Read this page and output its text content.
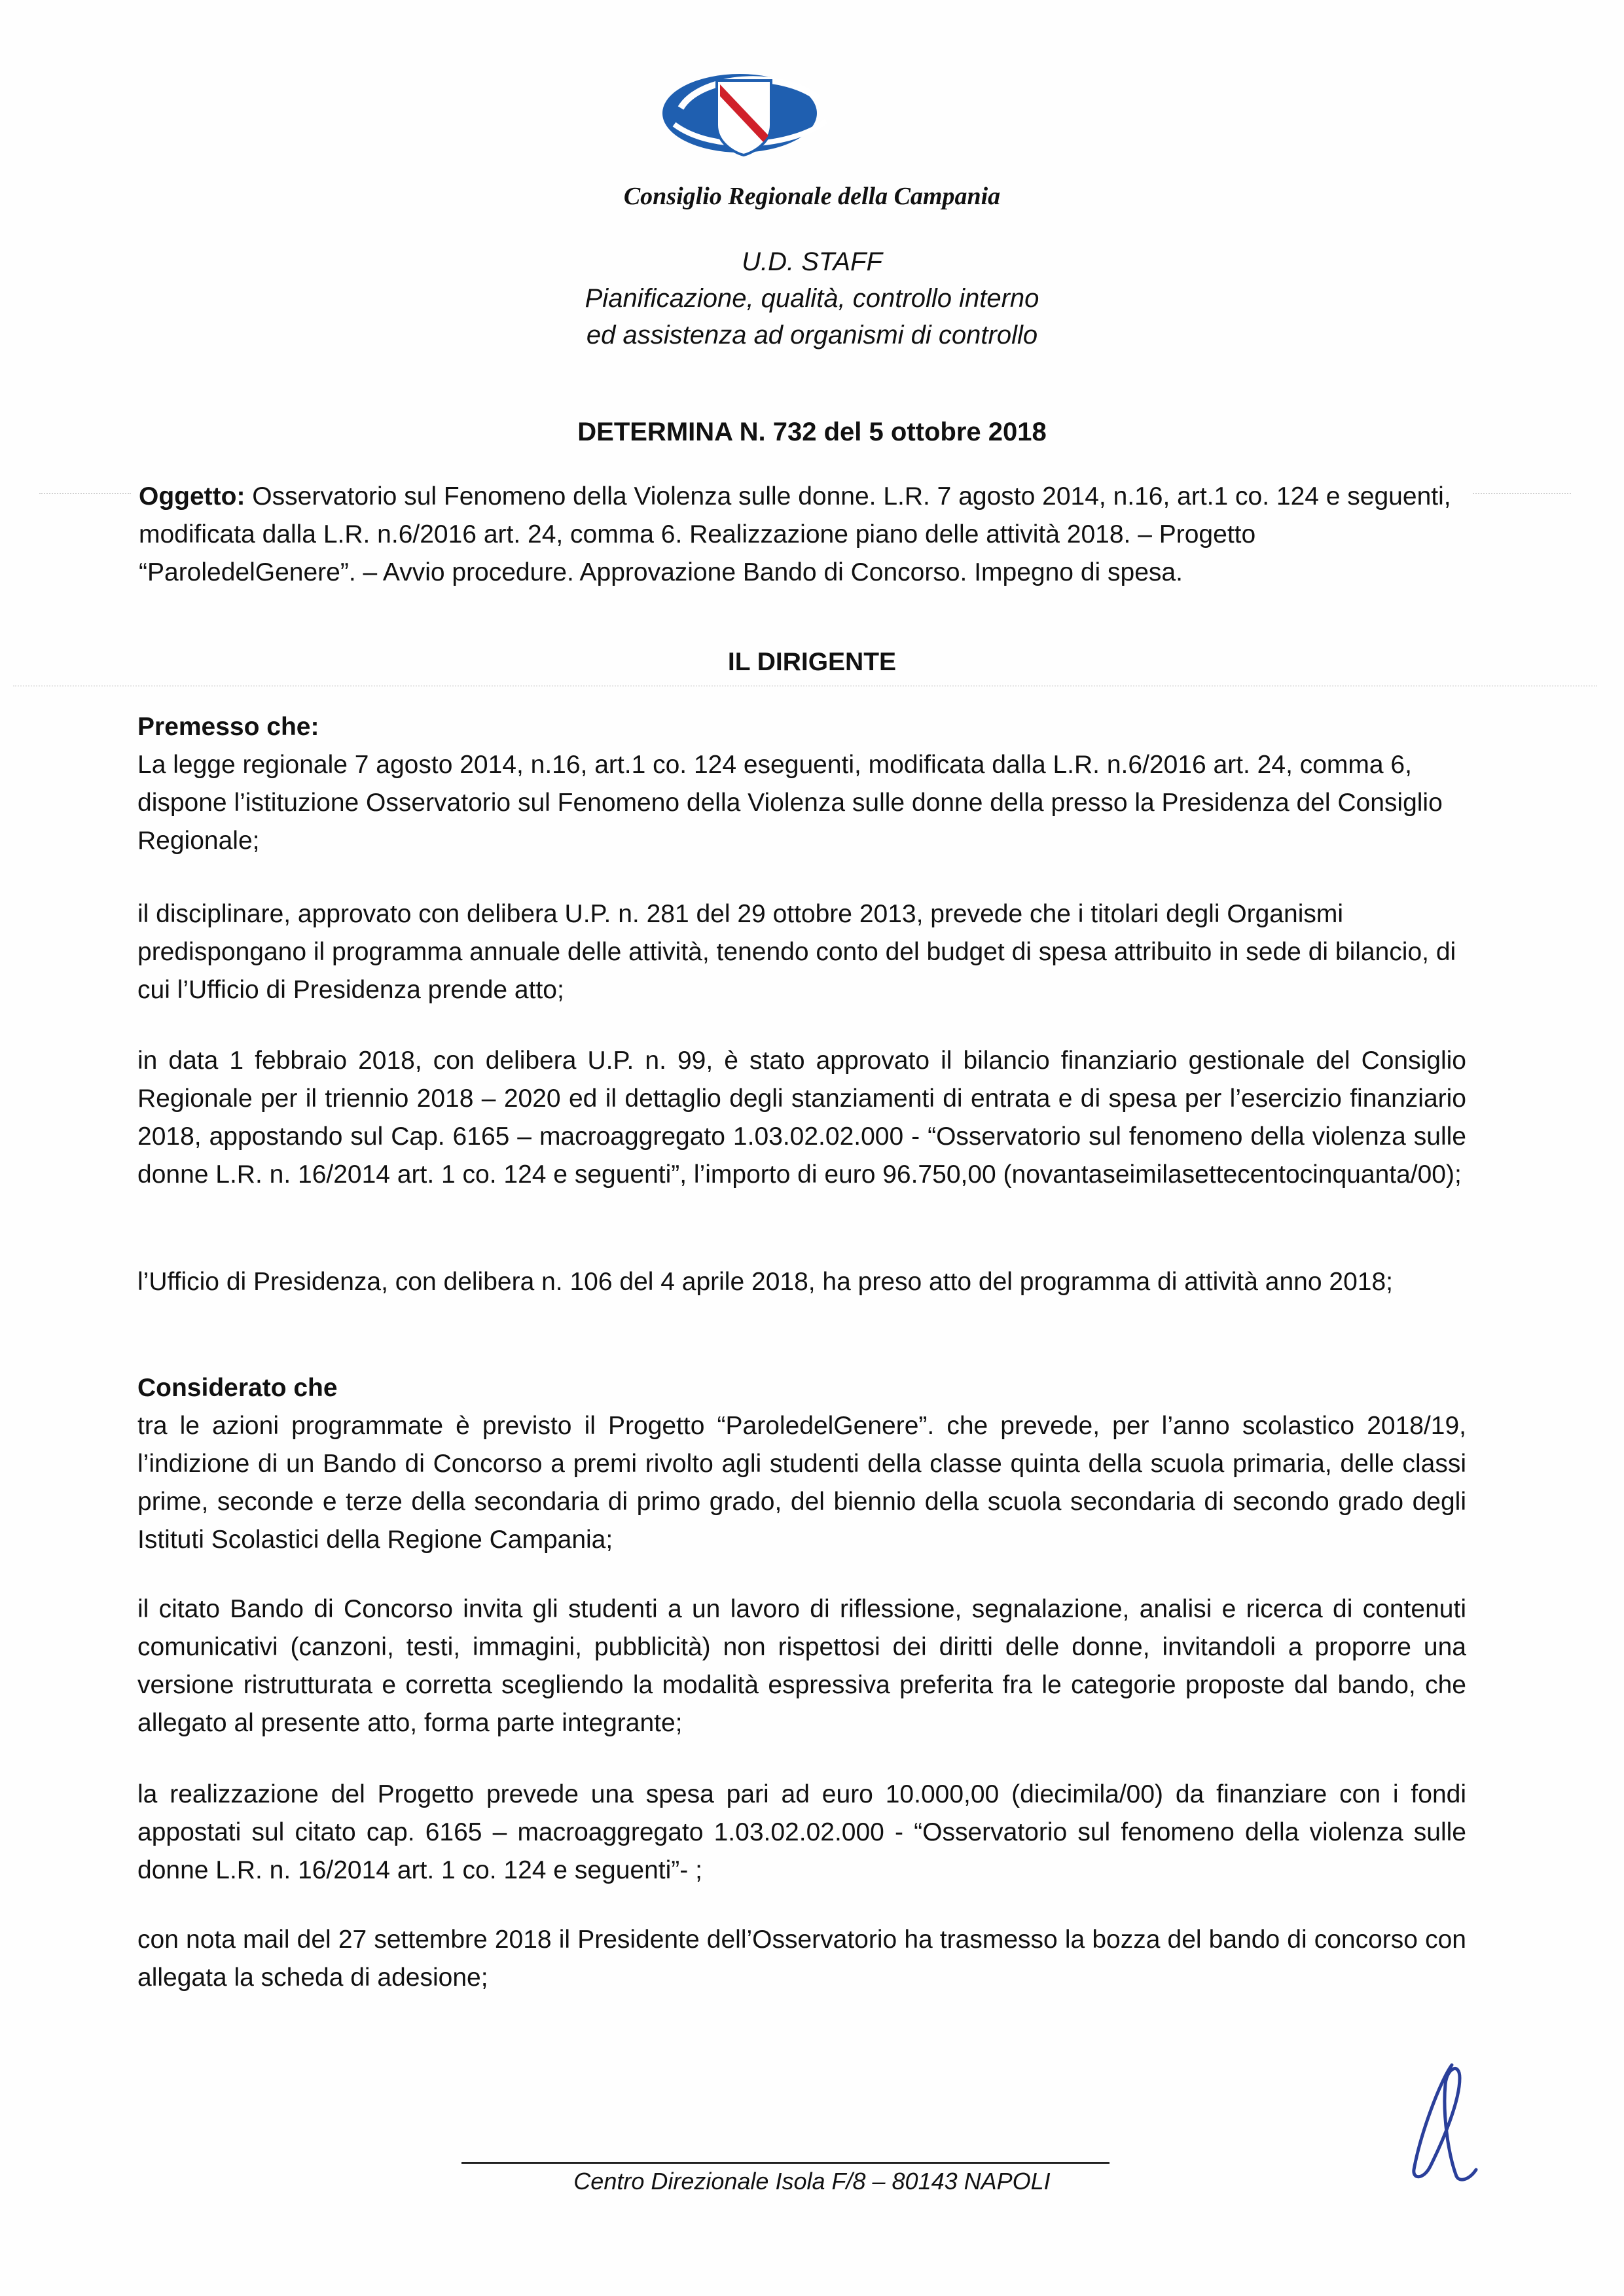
Consiglio Regionale della Campania
U.D. STAFF
Pianificazione, qualità, controllo interno
ed assistenza ad organismi di controllo
DETERMINA N. 732 del 5 ottobre 2018
Oggetto: Osservatorio sul Fenomeno della Violenza sulle donne. L.R. 7 agosto 2014, n.16, art.1 co. 124 e seguenti, modificata dalla L.R. n.6/2016 art. 24, comma 6. Realizzazione piano delle attività 2018. – Progetto “ParoledelGenere”. – Avvio procedure. Approvazione Bando di Concorso. Impegno di spesa.
IL DIRIGENTE
Premesso che:
La legge regionale 7 agosto 2014, n.16, art.1 co. 124 eseguenti, modificata dalla L.R. n.6/2016 art. 24, comma 6, dispone l’istituzione Osservatorio sul Fenomeno della Violenza sulle donne della presso la Presidenza del Consiglio Regionale;
il disciplinare, approvato con delibera U.P. n. 281 del 29 ottobre 2013, prevede che i titolari degli Organismi predispongano il programma annuale delle attività, tenendo conto del budget di spesa attribuito in sede di bilancio, di cui l’Ufficio di Presidenza prende atto;
in data 1 febbraio 2018, con delibera U.P. n. 99, è stato approvato il bilancio finanziario gestionale del Consiglio Regionale per il triennio 2018 – 2020 ed il dettaglio degli stanziamenti di entrata e di spesa per l’esercizio finanziario 2018, appostando sul Cap. 6165 – macroaggregato 1.03.02.02.000 - “Osservatorio sul fenomeno della violenza sulle donne L.R. n. 16/2014 art. 1 co. 124 e seguenti”, l’importo di euro 96.750,00 (novantaseimilasettecentocinquanta/00);
l’Ufficio di Presidenza, con delibera n. 106 del 4 aprile 2018, ha preso atto del programma di attività anno 2018;
Considerato che
tra le azioni programmate è previsto il Progetto “ParoledelGenere”. che prevede, per l’anno scolastico 2018/19, l’indizione di un Bando di Concorso a premi rivolto agli studenti della classe quinta della scuola primaria, delle classi prime, seconde e terze della secondaria di primo grado, del biennio della scuola secondaria di secondo grado degli Istituti Scolastici della Regione Campania;
il citato Bando di Concorso invita gli studenti a un lavoro di riflessione, segnalazione, analisi e ricerca di contenuti comunicativi (canzoni, testi, immagini, pubblicità) non rispettosi dei diritti delle donne, invitandoli a proporre una versione ristrutturata e corretta scegliendo la modalità espressiva preferita fra le categorie proposte dal bando, che allegato al presente atto, forma parte integrante;
la realizzazione del Progetto prevede una spesa pari ad euro 10.000,00 (diecimila/00) da finanziare con i fondi appostati sul citato cap. 6165 – macroaggregato 1.03.02.02.000 - “Osservatorio sul fenomeno della violenza sulle donne L.R. n. 16/2014 art. 1 co. 124 e seguenti”- ;
con nota mail del 27 settembre 2018 il Presidente dell’Osservatorio ha trasmesso la bozza del bando di concorso con allegata la scheda di adesione;
Centro Direzionale Isola F/8 – 80143 NAPOLI
